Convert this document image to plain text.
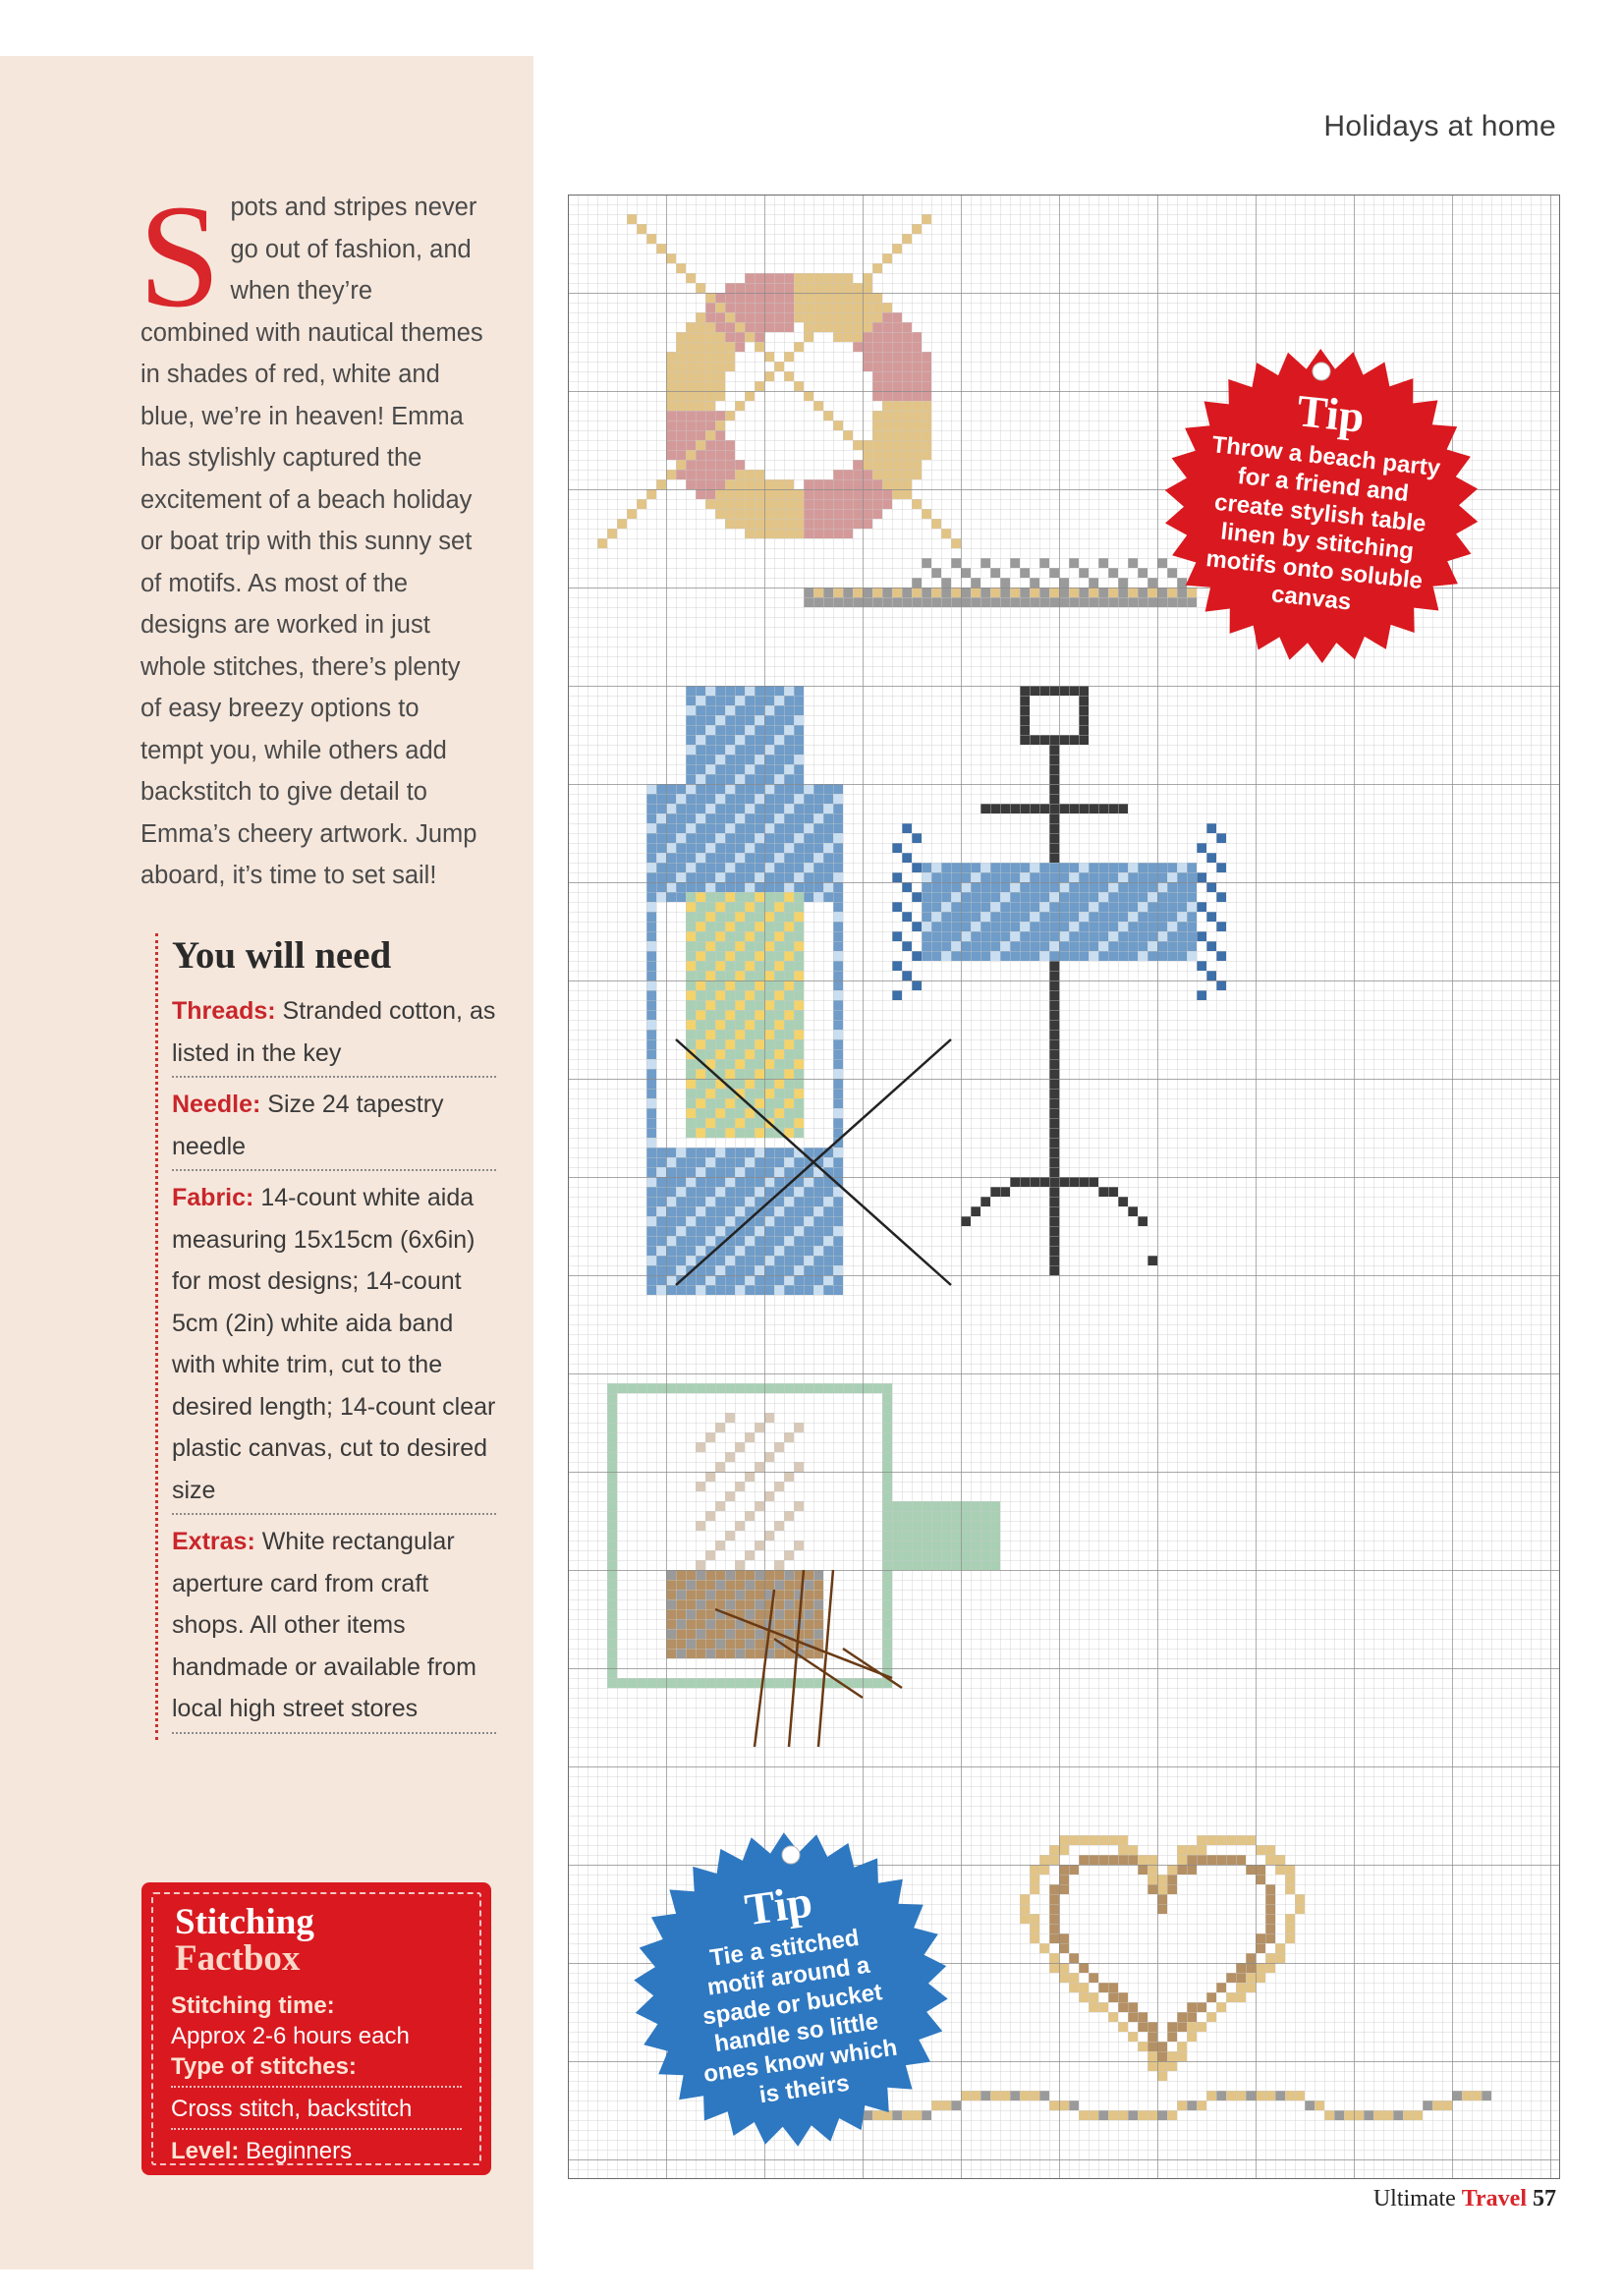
Holidays at home
Spots and stripes never go out of fashion, and when they’re combined with nautical themes in shades of red, white and blue, we’re in heaven! Emma has stylishly captured the excitement of a beach holiday or boat trip with this sunny set of motifs. As most of the designs are worked in just whole stitches, there’s plenty of easy breezy options to tempt you, while others add backstitch to give detail to Emma’s cheery artwork. Jump aboard, it’s time to set sail!
You will need
Threads: Stranded cotton, as listed in the key
Needle: Size 24 tapestry needle
Fabric: 14-count white aida measuring 15x15cm (6x6in) for most designs; 14-count 5cm (2in) white aida band with white trim, cut to the desired length; 14-count clear plastic canvas, cut to desired size
Extras: White rectangular aperture card from craft shops. All other items handmade or available from local high street stores
Stitching
Factbox
Stitching time:
Approx 2-6 hours each
Type of stitches:
Cross stitch, backstitch
Level: Beginners
Tip
Throw a beach party for a friend and create stylish table linen by stitching motifs onto soluble canvas
Tip
Tie a stitched motif around a spade or bucket handle so little ones know which is theirs
Ultimate Travel 57
